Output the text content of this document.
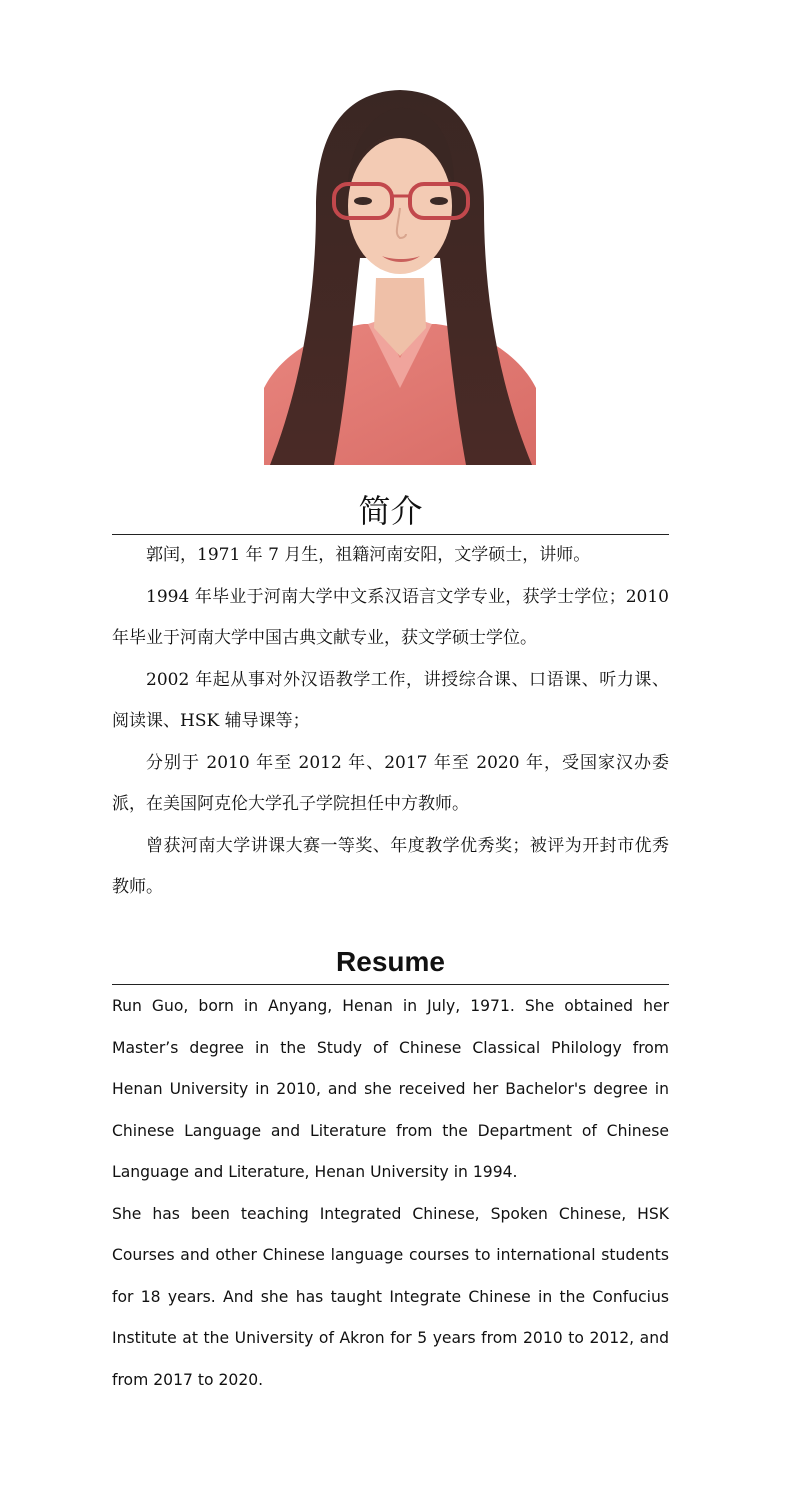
简介

郭闰，1971 年 7 月生，祖籍河南安阳，文学硕士，讲师。

1994 年毕业于河南大学中文系汉语言文学专业，获学士学位；2010 年毕业于河南大学中国古典文献专业，获文学硕士学位。

2002 年起从事对外汉语教学工作，讲授综合课、口语课、听力课、阅读课、HSK 辅导课等；

分别于 2010 年至 2012 年、2017 年至 2020 年，受国家汉办委派，在美国阿克伦大学孔子学院担任中方教师。

曾获河南大学讲课大赛一等奖、年度教学优秀奖；被评为开封市优秀教师。

Resume

Run Guo, born in Anyang, Henan in July, 1971. She obtained her Master’s degree in the Study of Chinese Classical Philology from Henan University in 2010, and she received her Bachelor's degree in Chinese Language and Literature from the Department of Chinese Language and Literature, Henan University in 1994.

She has been teaching Integrated Chinese, Spoken Chinese, HSK Courses and other Chinese language courses to international students for 18 years. And she has taught Integrate Chinese in the Confucius Institute at the University of Akron for 5 years from 2010 to 2012, and from 2017 to 2020.
